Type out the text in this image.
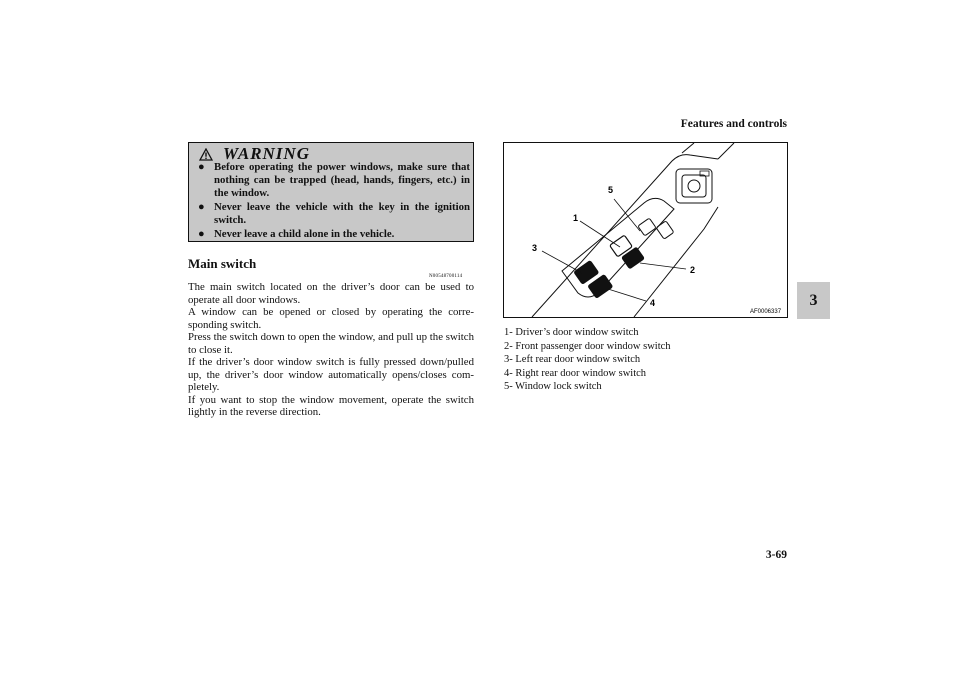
Features and controls
3
WARNING
● Before operating the power windows, make sure that nothing can be trapped (head, hands, fingers, etc.) in the window.
● Never leave the vehicle with the key in the ignition switch.
● Never leave a child alone in the vehicle.
Main switch
N00548700114

The main switch located on the driver’s door can be used to operate all door windows.

A window can be opened or closed by operating the corre-sponding switch.

Press the switch down to open the window, and pull up the switch to close it.

If the driver’s door window switch is fully pressed down/pulled up, the driver’s door window automatically opens/closes com-pletely.

If you want to stop the window movement, operate the switch lightly in the reverse direction.

1
2
3
4
5
AF0006337
1- Driver’s door window switch
2- Front passenger door window switch
3- Left rear door window switch
4- Right rear door window switch
5- Window lock switch
3-69
